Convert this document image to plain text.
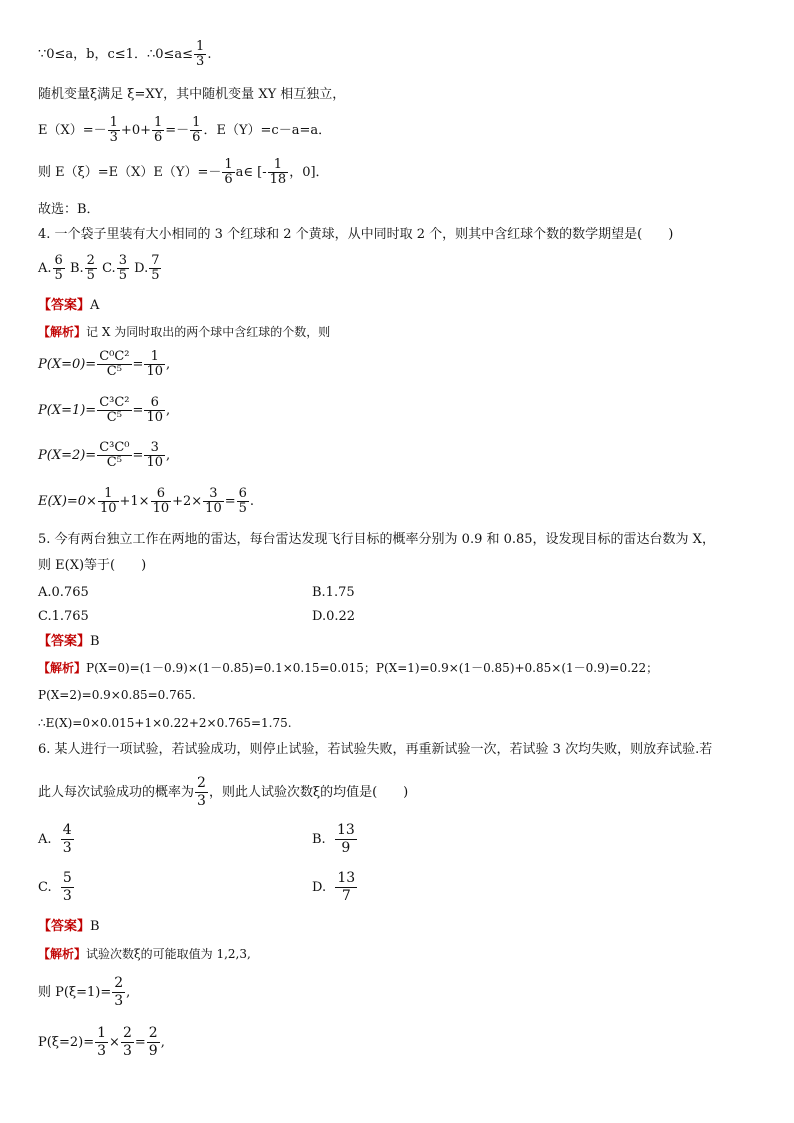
∵0≤a，b，c≤1．∴0≤a≤ $\frac{1}{3}$ .
随机变量ξ满足 ξ=XY，其中随机变量 XY 相互独立，
$E(X)=- \frac{1}{3} +0+ \frac{1}{6} =- \frac{1}{6}$ ．E（Y）=c－a=a．
则 $E(\xi)=E(X)E(Y)=- \frac{1}{6}$ a∈ [- $\frac{1}{18}$ ，0]．
故选：B．
4. 一个袋子里装有大小相同的 3 个红球和 2 个黄球，从中同时取 2 个，则其中含红球个数的数学期望是(　　)
A. $\frac{6}{5} B$. $\frac{2}{5} C$. $\frac{3}{5} D$. $\frac{7}{5}$
【答案】A
【解析】记 X 为同时取出的两个球中含红球的个数，则
$P(X=0)= \frac{\text{C⁰C²}}{\text{C⁵}} = \frac{1}{10}$ ,
$P(X=1)= \frac{\text{C³C²}}{\text{C⁵}} = \frac{6}{10}$ ,
$P(X=2)= \frac{\text{C³C⁰}}{\text{C⁵}} = \frac{3}{10}$ ,
$E(X)=0\times \frac{1}{10} +1\times \frac{6}{10} +2\times \frac{3}{10} = \frac{6}{5}$ .
5. 今有两台独立工作在两地的雷达，每台雷达发现飞行目标的概率分别为 0.9 和 0.85，设发现目标的雷达台数为 X，
则 E(X)等于(　　)
A.0.765	B.1.75
C.1.765	D.0.22
【答案】B
【解析】P(X=0)=(1－0.9)×(1－0.85)=0.1×0.15=0.015；P(X=1)=0.9×(1－0.85)+0.85×(1－0.9)=0.22；
P(X=2)=0.9×0.85=0.765.
∴E(X)=0×0.015+1×0.22+2×0.765=1.75.
6. 某人进行一项试验，若试验成功，则停止试验，若试验失败，再重新试验一次，若试验 3 次均失败，则放弃试验.若
此人每次试验成功的概率为 $\frac{2}{3}$ ，则此人试验次数ξ的均值是(　　)
A. $\frac{4}{3}$	B. $\frac{13}{9}$
C. $\frac{5}{3}$	D. $\frac{13}{7}$
【答案】B
【解析】试验次数ξ的可能取值为 1,2,3,
则 $P(\xi=1)= \frac{2}{3}$ ,
$P(\xi=2)= \frac{1}{3} \times \frac{2}{3} = \frac{2}{9}$ ,
